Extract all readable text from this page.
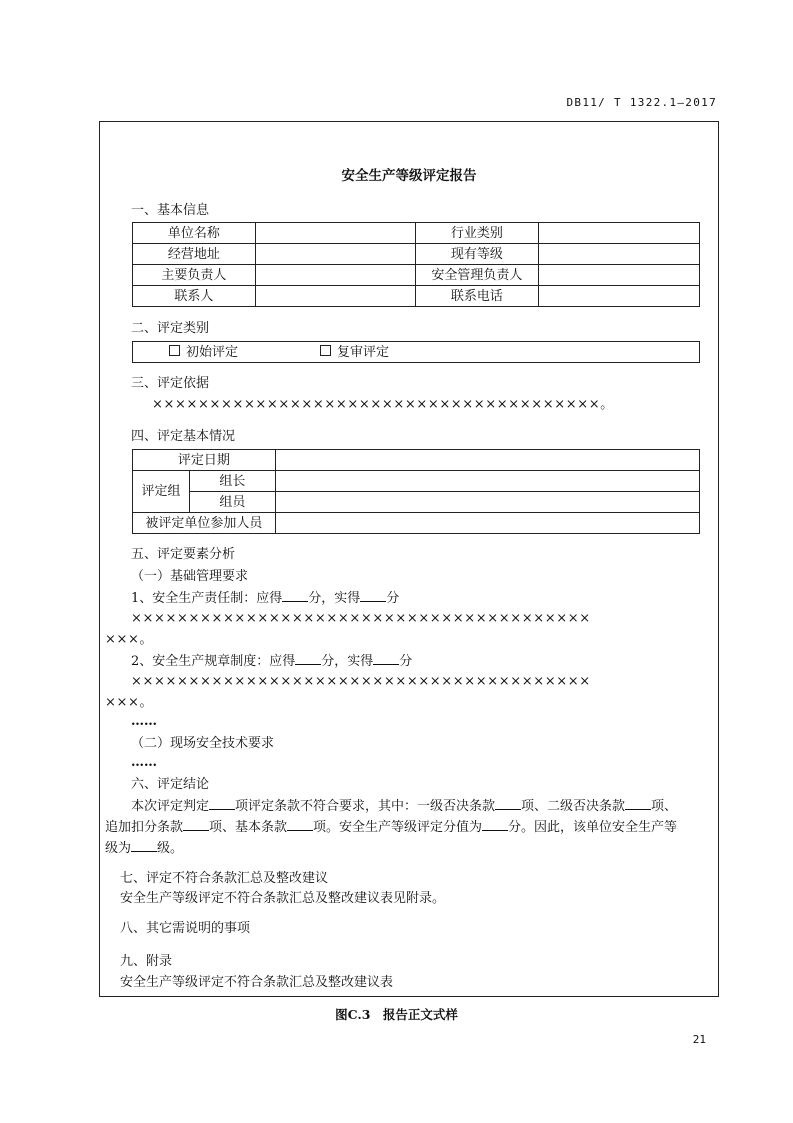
DB11/ T 1322.1—2017
安全生产等级评定报告
一、基本信息
单位名称		行业类别	
经营地址		现有等级	
主要负责人		安全管理负责人	
联系人		联系电话	
二、评定类别
初始评定	复审评定
三、评定依据
×××××××××××××××××××××××××××××××××××××××。
四、评定基本情况
评定日期		
评定组	组长	
	组员	
被评定单位参加人员		
五、评定要素分析
（一）基础管理要求
1、安全生产责任制：应得 分，实得 分
××××××××××××××××××××××××××××××××××××××××
×××。
2、安全生产规章制度：应得 分，实得 分
××××××××××××××××××××××××××××××××××××××××
×××。
……
（二）现场安全技术要求
……
六、评定结论
本次评定判定 项评定条款不符合要求，其中：一级否决条款 项、二级否决条款 项、
追加扣分条款 项、基本条款 项。安全生产等级评定分值为 分。因此，该单位安全生产等
级为 级。
七、评定不符合条款汇总及整改建议
安全生产等级评定不符合条款汇总及整改建议表见附录。
八、其它需说明的事项
九、附录
安全生产等级评定不符合条款汇总及整改建议表
图C.3　报告正文式样
21
